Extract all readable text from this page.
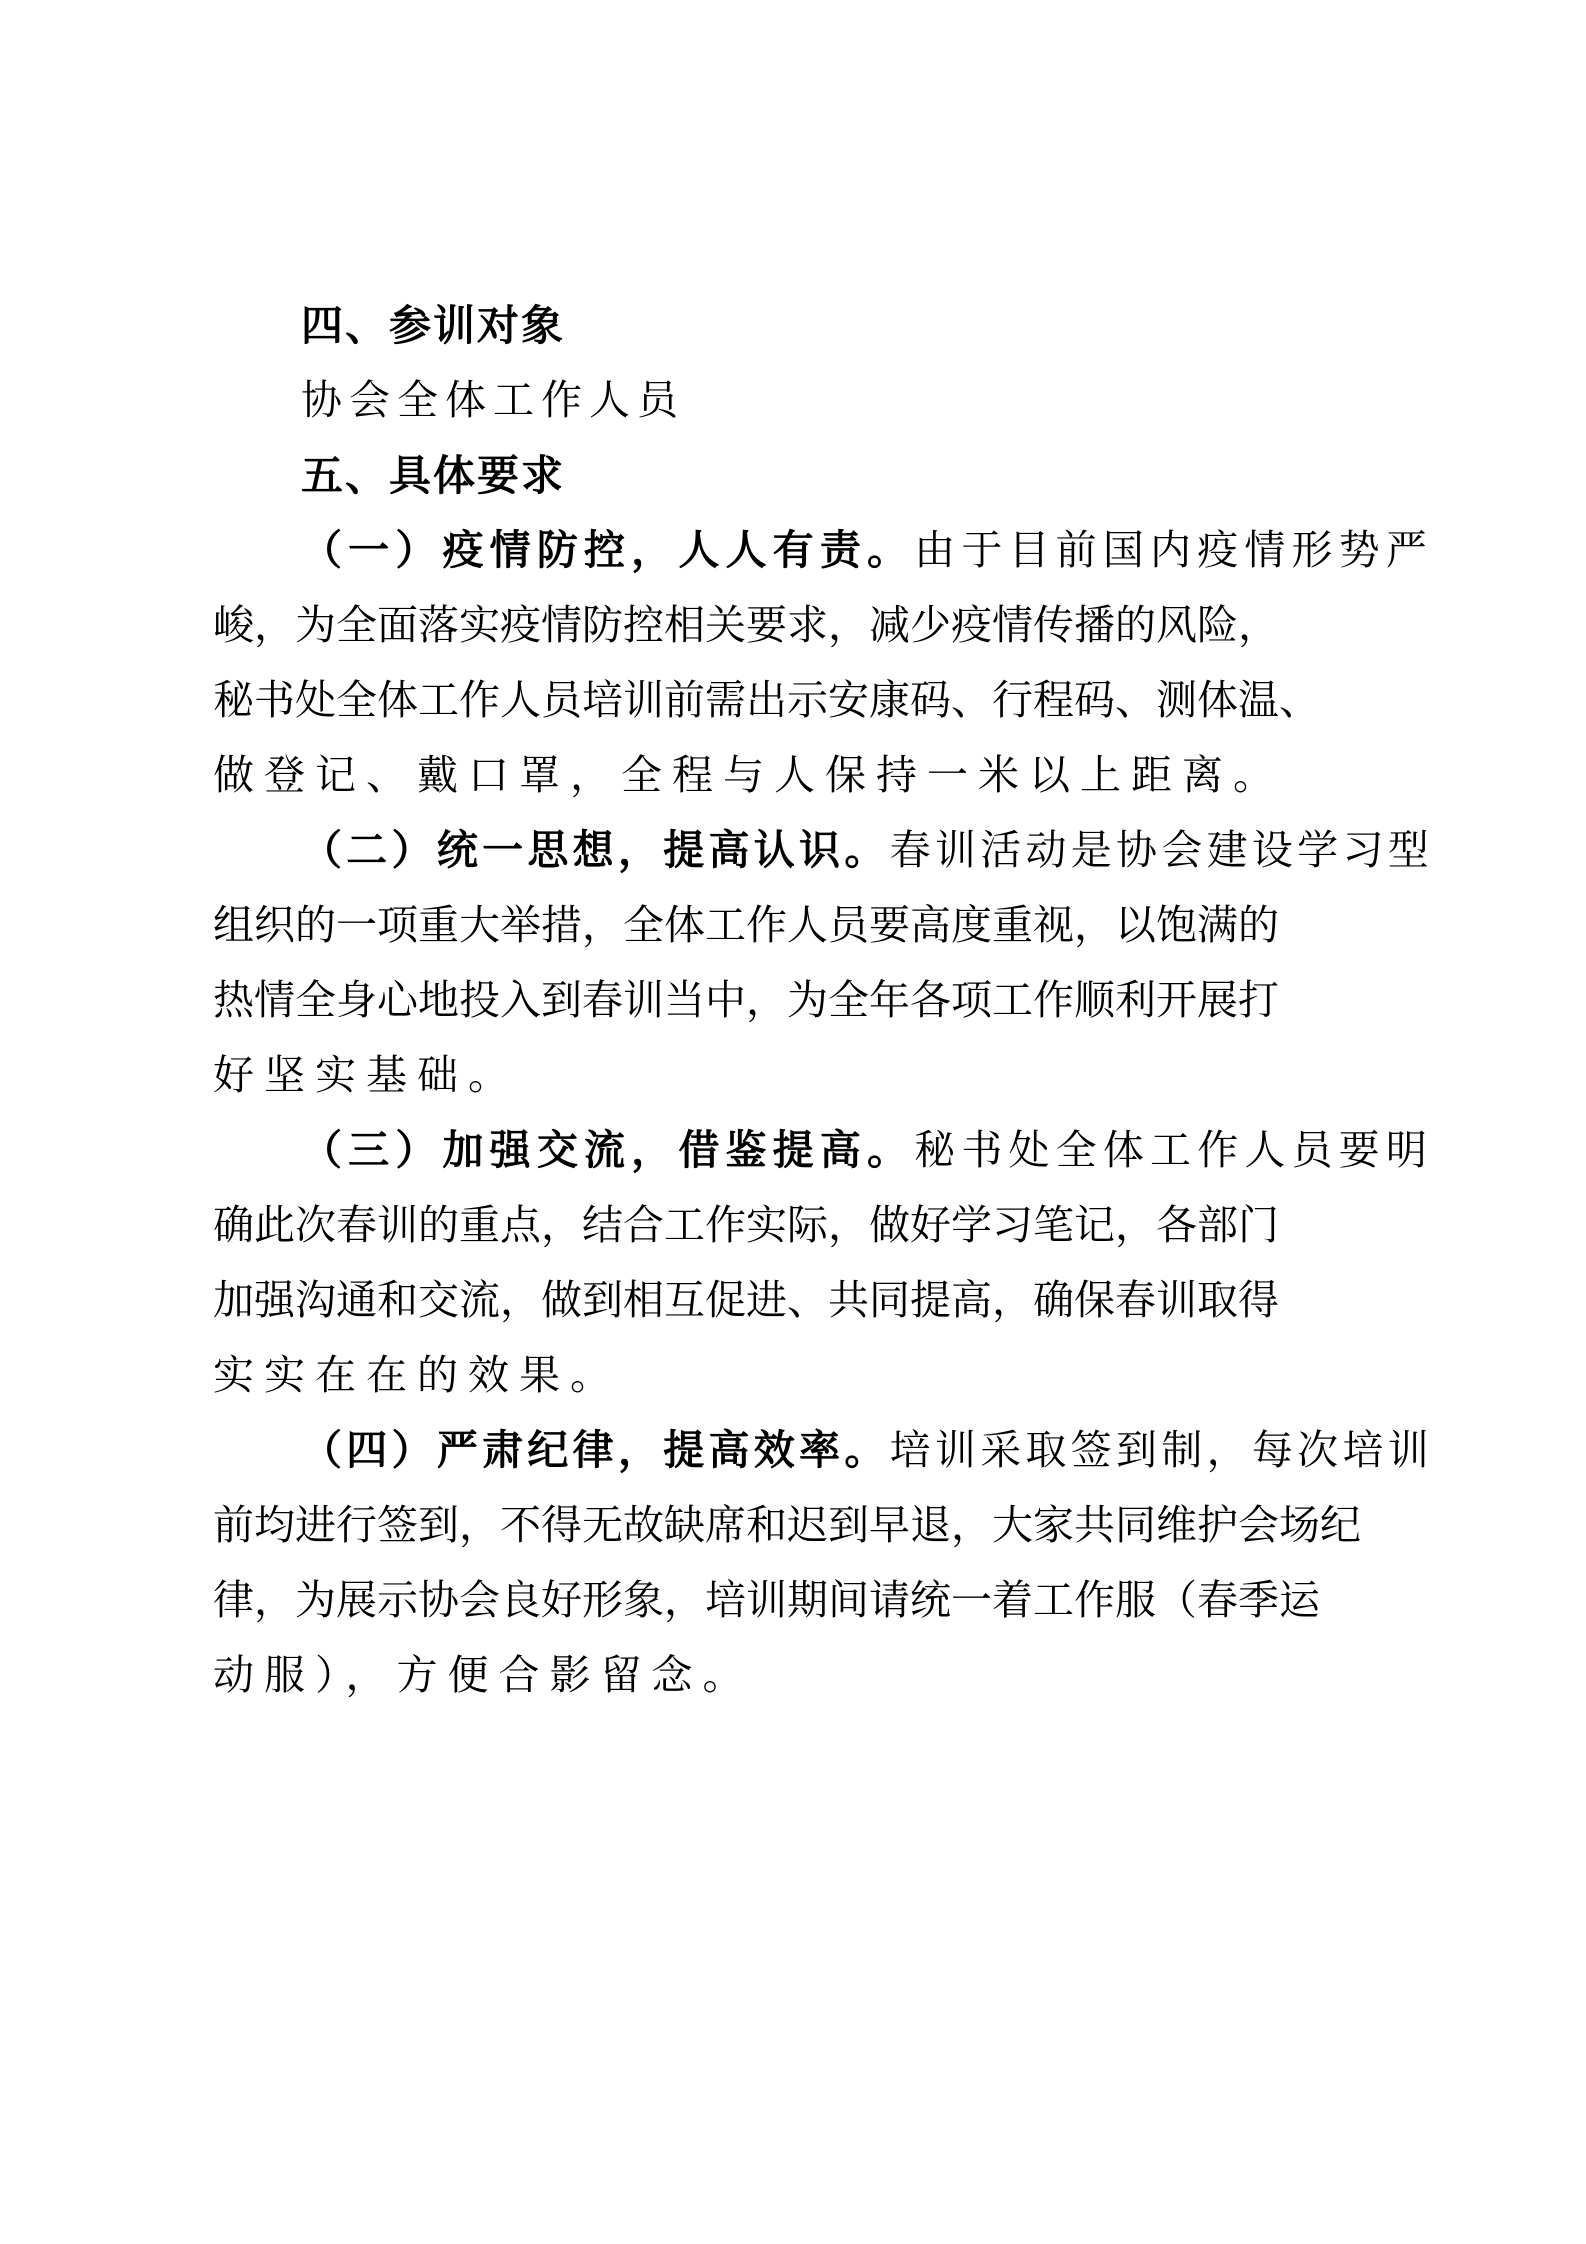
四、参训对象
协会全体工作人员
五、具体要求
（一）疫情防控，人人有责。 由于目前国内疫情形势严
峻，为全面落实疫情防控相关要求，减少疫情传播的风险，
秘书处全体工作人员培训前需出示安康码、行程码、测体温、
做登记、戴口罩，全程与人保持一米以上距离。
（二）统一思想，提高认识。 春训活动是协会建设学习型
组织的一项重大举措，全体工作人员要高度重视，以饱满的
热情全身心地投入到春训当中，为全年各项工作顺利开展打
好坚实基础。
（三）加强交流，借鉴提高。 秘书处全体工作人员要明
确此次春训的重点，结合工作实际，做好学习笔记，各部门
加强沟通和交流，做到相互促进、共同提高，确保春训取得
实实在在的效果。
（四）严肃纪律，提高效率。 培训采取签到制，每次培训
前均进行签到，不得无故缺席和迟到早退，大家共同维护会场纪
律，为展示协会良好形象，培训期间请统一着工作服（春季运
动服），方便合影留念。
